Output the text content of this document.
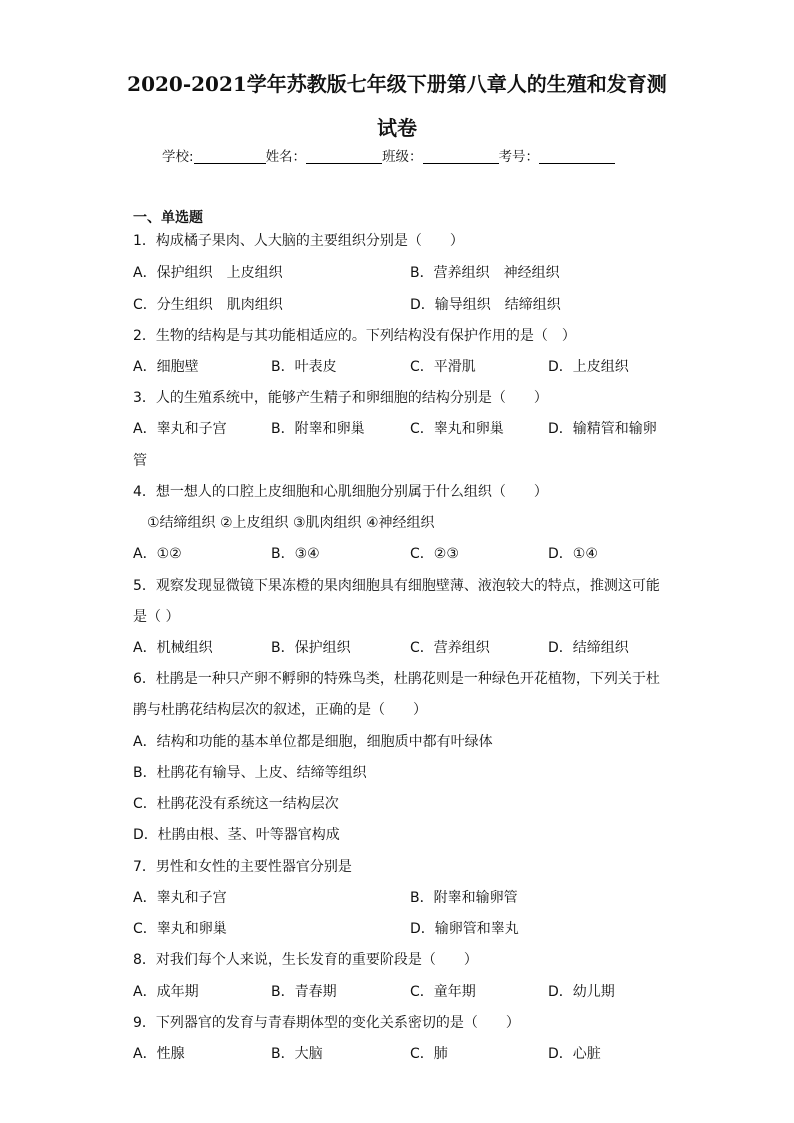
2020-2021学年苏教版七年级下册第八章人的生殖和发育测
试卷
学校:	姓名：	班级：	考号：
一、单选题
1．构成橘子果肉、人大脑的主要组织分别是（　　）
A．保护组织　上皮组织	B．营养组织　神经组织
C．分生组织　肌肉组织	D．输导组织　结缔组织
2．生物的结构是与其功能相适应的。下列结构没有保护作用的是（　）
A．细胞壁	B．叶表皮	C．平滑肌	D．上皮组织
3．人的生殖系统中，能够产生精子和卵细胞的结构分别是（　　）
A．睾丸和子宫	B．附睾和卵巢	C．睾丸和卵巢	D．输精管和输卵
管
4．想一想人的口腔上皮细胞和心肌细胞分别属于什么组织（　　）
①结缔组织 ②上皮组织 ③肌肉组织 ④神经组织
A．①②	B．③④	C．②③	D．①④
5．观察发现显微镜下果冻橙的果肉细胞具有细胞壁薄、液泡较大的特点，推测这可能
是（ ）
A．机械组织	B．保护组织	C．营养组织	D．结缔组织
6．杜鹃是一种只产卵不孵卵的特殊鸟类，杜鹃花则是一种绿色开花植物，下列关于杜
鹃与杜鹃花结构层次的叙述，正确的是（　　）
A．结构和功能的基本单位都是细胞，细胞质中都有叶绿体
B．杜鹃花有输导、上皮、结缔等组织
C．杜鹃花没有系统这一结构层次
D．杜鹃由根、茎、叶等器官构成
7．男性和女性的主要性器官分别是
A．睾丸和子宫	B．附睾和输卵管
C．睾丸和卵巢	D．输卵管和睾丸
8．对我们每个人来说，生长发育的重要阶段是（　　）
A．成年期	B．青春期	C．童年期	D．幼儿期
9．下列器官的发育与青春期体型的变化关系密切的是（　　）
A．性腺	B．大脑	C．肺	D．心脏
